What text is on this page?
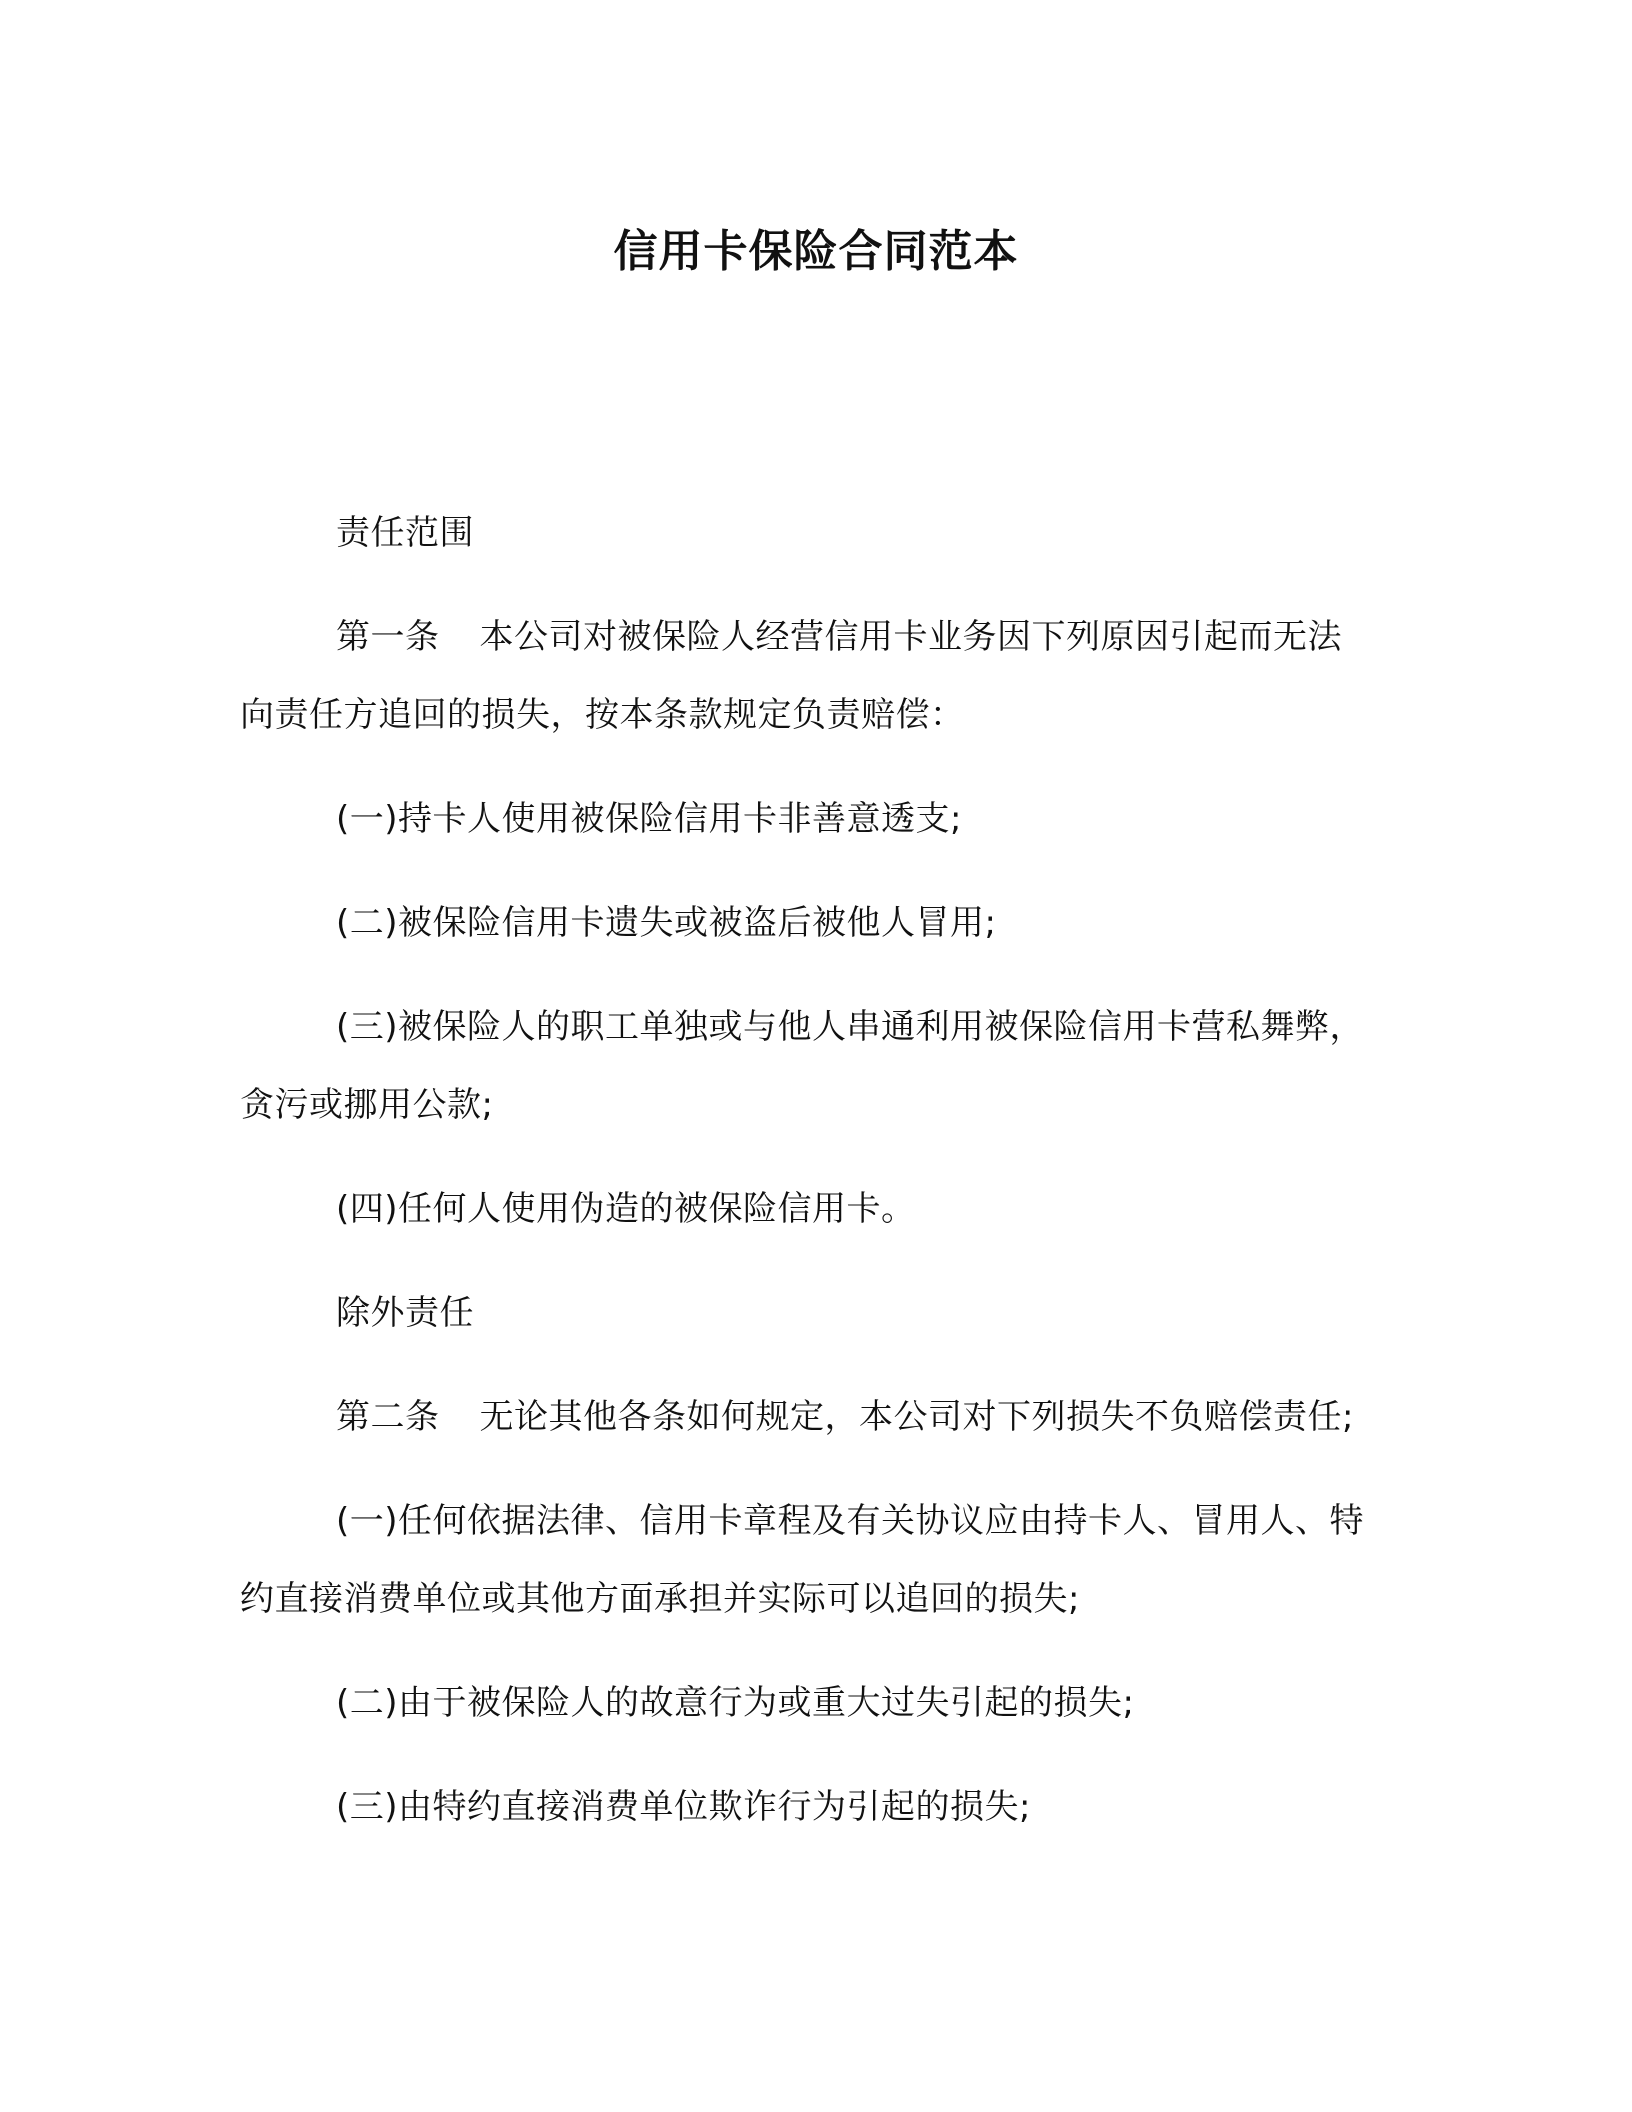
信用卡保险合同范本

责任范围

第一条 本公司对被保险人经营信用卡业务因下列原因引起而无法向责任方追回的损失，按本条款规定负责赔偿：

(一)持卡人使用被保险信用卡非善意透支;

(二)被保险信用卡遗失或被盗后被他人冒用;

(三)被保险人的职工单独或与他人串通利用被保险信用卡营私舞弊，贪污或挪用公款;

(四)任何人使用伪造的被保险信用卡。

除外责任

第二条 无论其他各条如何规定，本公司对下列损失不负赔偿责任;

(一)任何依据法律、信用卡章程及有关协议应由持卡人、冒用人、特约直接消费单位或其他方面承担并实际可以追回的损失;

(二)由于被保险人的故意行为或重大过失引起的损失;

(三)由特约直接消费单位欺诈行为引起的损失;
